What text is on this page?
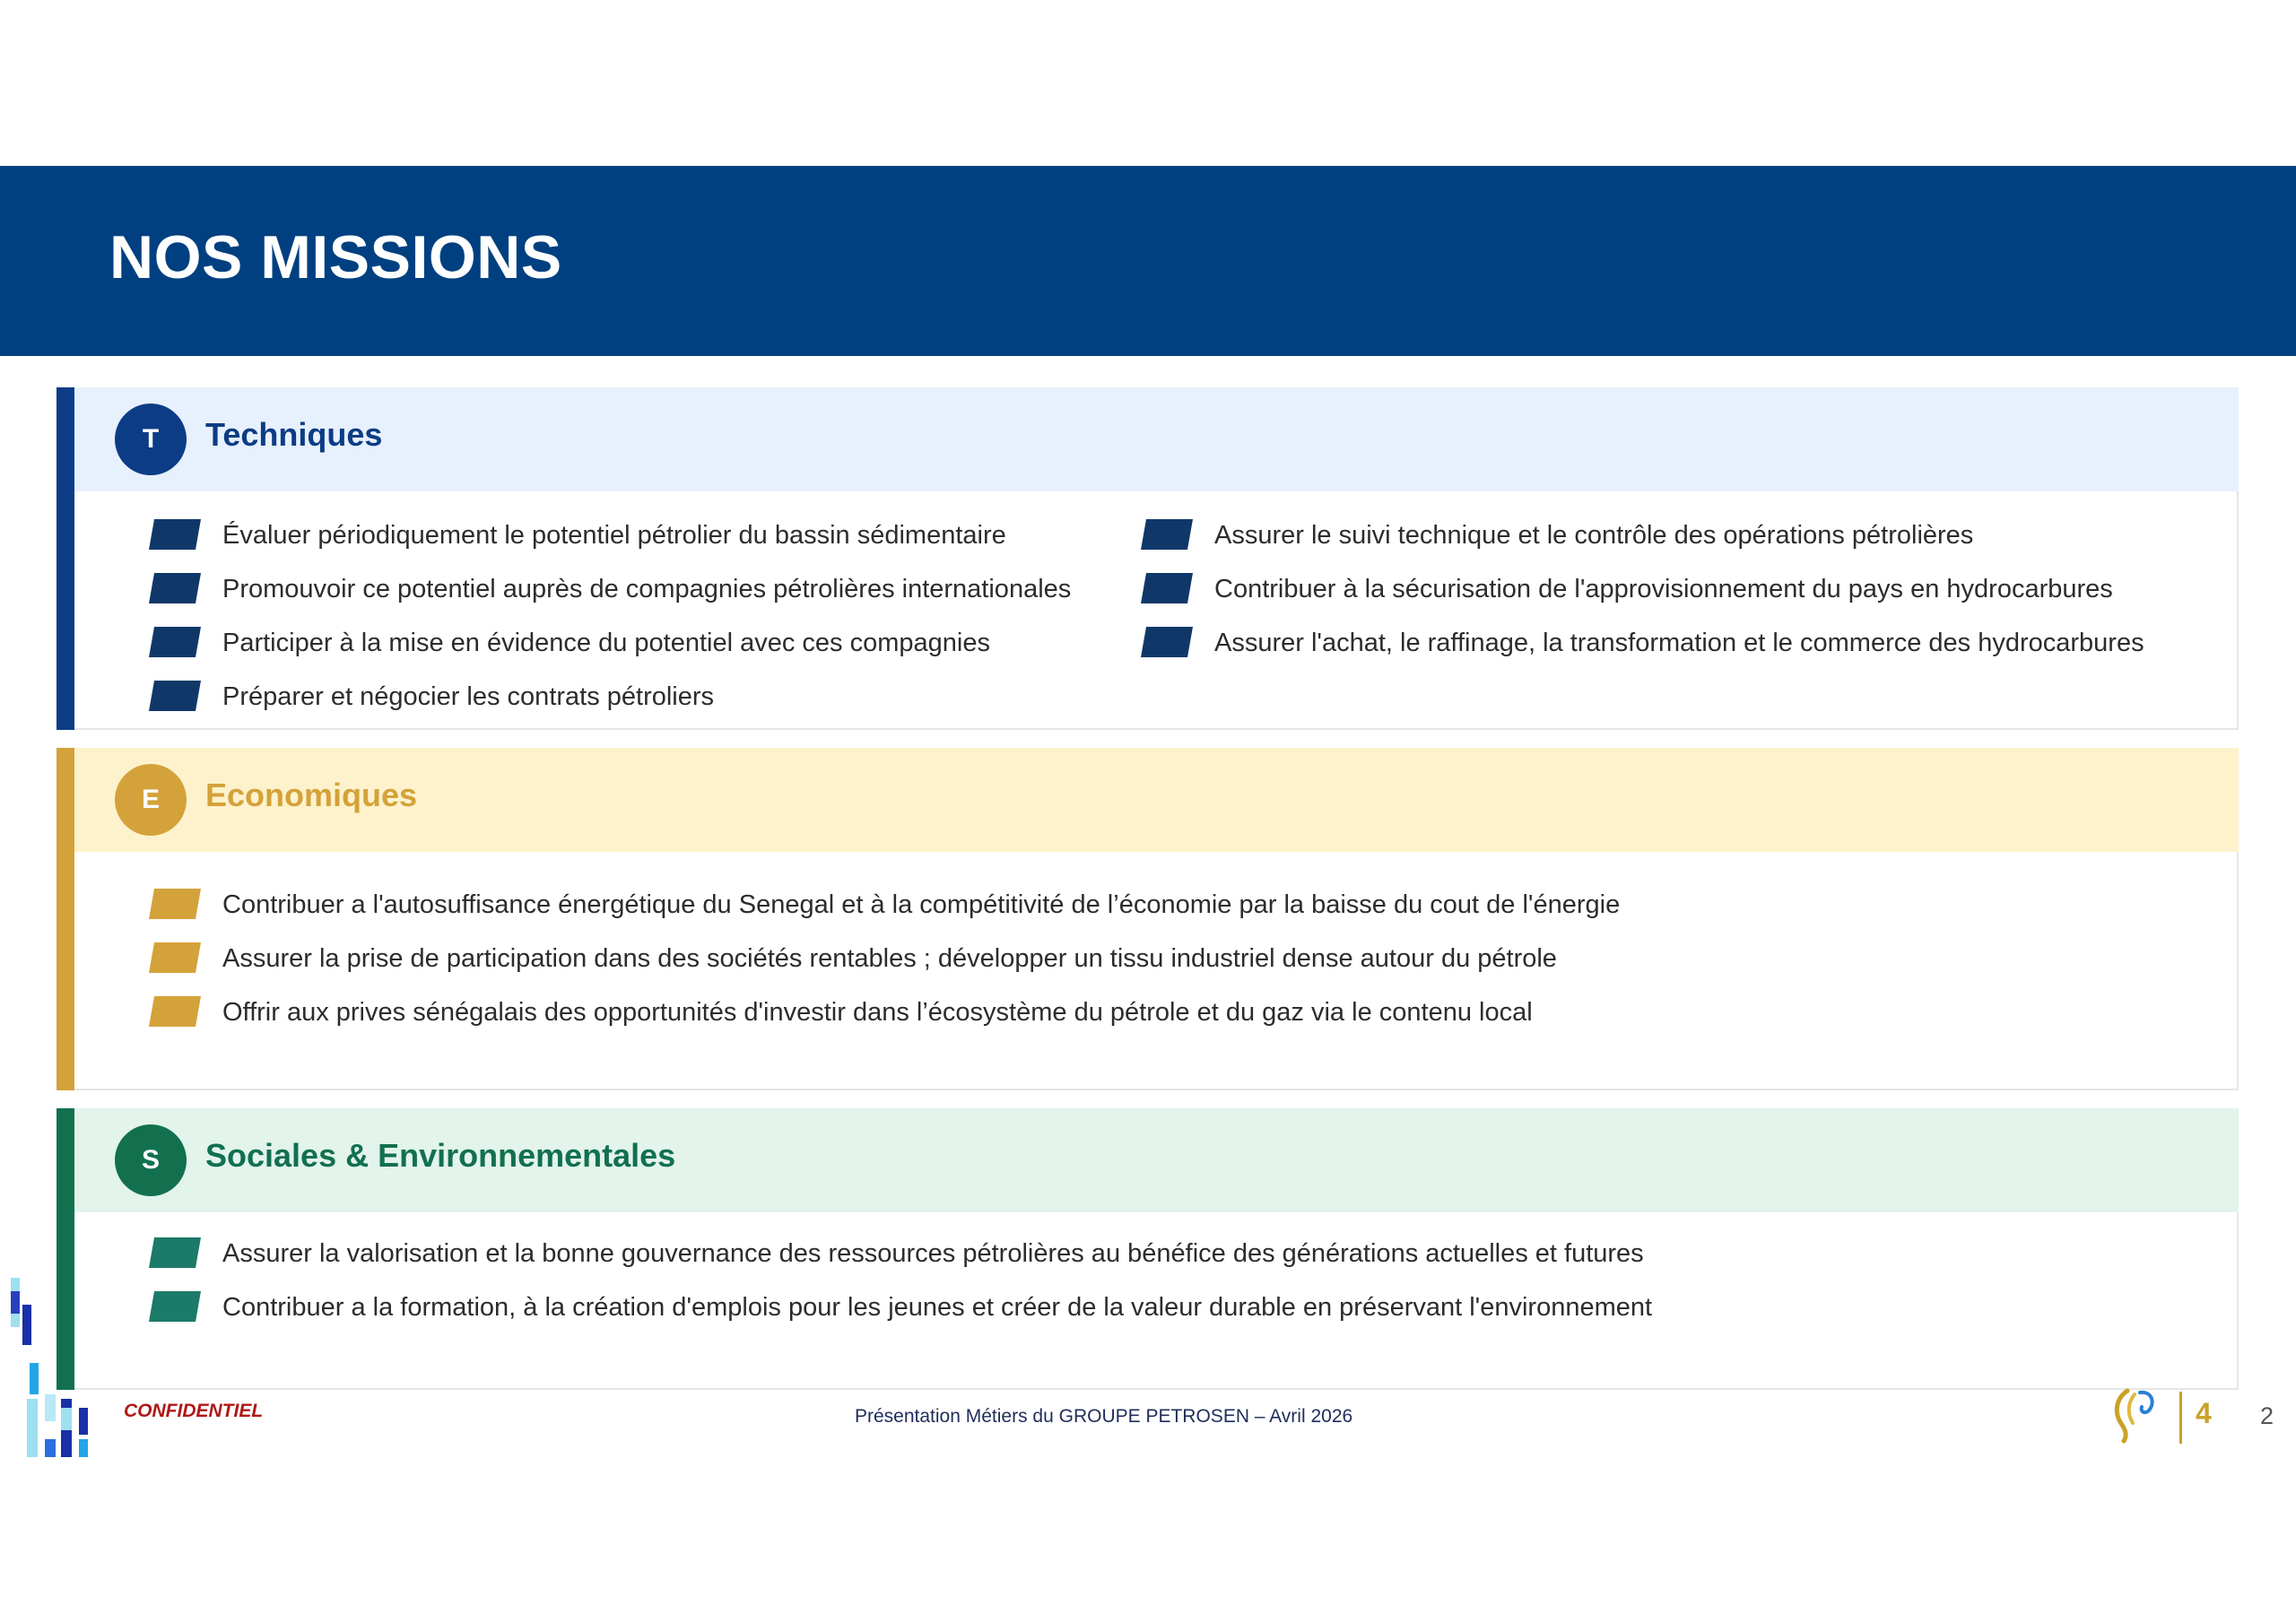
NOS MISSIONS
T	Techniques
Évaluer périodiquement le potentiel pétrolier du bassin sédimentaire
Promouvoir ce potentiel auprès de compagnies pétrolières internationales
Participer à la mise en évidence du potentiel avec ces compagnies
Préparer et négocier les contrats pétroliers
Assurer le suivi technique et le contrôle des opérations pétrolières
Contribuer à la sécurisation de l'approvisionnement du pays en hydrocarbures
Assurer l'achat, le raffinage, la transformation et le commerce des hydrocarbures
E	Economiques
Contribuer a l'autosuffisance énergétique du Senegal et à la compétitivité de l’économie par la baisse du cout de l'énergie
Assurer la prise de participation dans des sociétés rentables ; développer un tissu industriel dense autour du pétrole
Offrir aux prives sénégalais des opportunités d'investir dans l’écosystème du pétrole et du gaz via le contenu local
S	Sociales & Environnementales
Assurer la valorisation et la bonne gouvernance des ressources pétrolières au bénéfice des générations actuelles et futures
Contribuer a la formation, à la création d'emplois pour les jeunes et créer de la valeur durable en préservant l'environnement
CONFIDENTIEL	Présentation Métiers du GROUPE PETROSEN – Avril 2026	4 2
